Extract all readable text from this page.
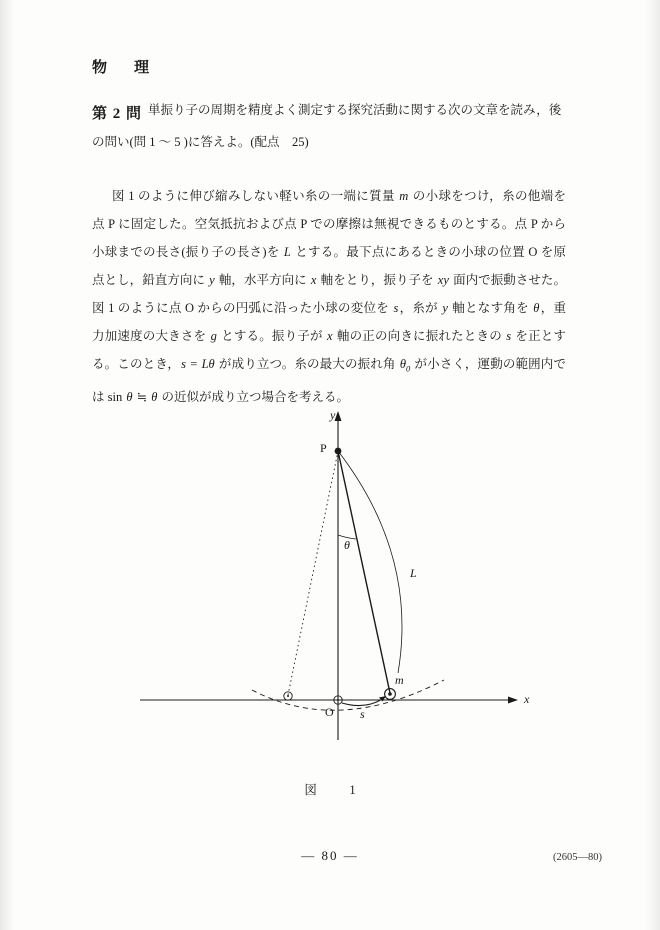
物　理
第 2 問 単振り子の周期を精度よく測定する探究活動に関する次の文章を読み，後
の問い(問 1 ～ 5 )に答えよ。(配点　25)

図 1 のように伸び縮みしない軽い糸の一端に質量 m の小球をつけ，糸の他端を点 P に固定した。空気抵抗および点 P での摩擦は無視できるものとする。点 P から小球までの長さ(振り子の長さ)を L とする。最下点にあるときの小球の位置 O を原点とし，鉛直方向に y 軸，水平方向に x 軸をとり，振り子を xy 面内で振動させた。図 1 のように点 O からの円弧に沿った小球の変位を s，糸が y 軸となす角を θ，重力加速度の大きさを g とする。振り子が x 軸の正の向きに振れたときの s を正とする。このとき，s = Lθ が成り立つ。糸の最大の振れ角 $\theta_0$ が小さく，運動の範囲内では sin θ ≒ θ の近似が成り立つ場合を考える。

y
x
P
O
θ
L
m
s
図　1
— 80 —	(2605—80)
